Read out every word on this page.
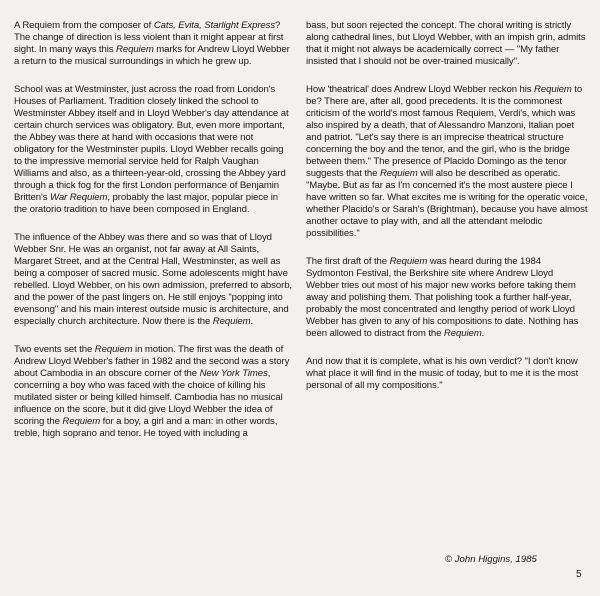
A Requiem from the composer of Cats, Evita, Starlight Express? The change of direction is less violent than it might appear at first sight. In many ways this Requiem marks for Andrew Lloyd Webber a return to the musical surroundings in which he grew up.

School was at Westminster, just across the road from London's Houses of Parliament. Tradition closely linked the school to Westminster Abbey itself and in Lloyd Webber's day attendance at certain church services was obligatory. But, even more important, the Abbey was there at hand with occasions that were not obligatory for the Westminster pupils. Lloyd Webber recalls going to the impressive memorial service held for Ralph Vaughan Williams and also, as a thirteen-year-old, crossing the Abbey yard through a thick fog for the first London performance of Benjamin Britten's War Requiem, probably the last major, popular piece in the oratorio tradition to have been composed in England.

The influence of the Abbey was there and so was that of Lloyd Webber Snr. He was an organist, not far away at All Saints, Margaret Street, and at the Central Hall, Westminster, as well as being a composer of sacred music. Some adolescents might have rebelled. Lloyd Webber, on his own admission, preferred to absorb, and the power of the past lingers on. He still enjoys "popping into evensong" and his main interest outside music is architecture, and especially church architecture. Now there is the Requiem.

Two events set the Requiem in motion. The first was the death of Andrew Lloyd Webber's father in 1982 and the second was a story about Cambodia in an obscure corner of the New York Times, concerning a boy who was faced with the choice of killing his mutilated sister or being killed himself. Cambodia has no musical influence on the score, but it did give Lloyd Webber the idea of scoring the Requiem for a boy, a girl and a man: in other words, treble, high soprano and tenor. He toyed with including a

bass, but soon rejected the concept. The choral writing is strictly along cathedral lines, but Lloyd Webber, with an impish grin, admits that it might not always be academically correct — "My father insisted that I should not be over-trained musically".

How 'theatrical' does Andrew Lloyd Webber reckon his Requiem to be? There are, after all, good precedents. It is the commonest criticism of the world's most famous Requiem, Verdi's, which was also inspired by a death, that of Alessandro Manzoni, Italian poet and patriot. "Let's say there is an imprecise theatrical structure concerning the boy and the tenor, and the girl, who is the bridge between them." The presence of Placido Domingo as the tenor suggests that the Requiem will also be described as operatic. "Maybe. But as far as I'm concerned it's the most austere piece I have written so far. What excites me is writing for the operatic voice, whether Placido's or Sarah's (Brightman), because you have almost another octave to play with, and all the attendant melodic possibilities."

The first draft of the Requiem was heard during the 1984 Sydmonton Festival, the Berkshire site where Andrew Lloyd Webber tries out most of his major new works before taking them away and polishing them. That polishing took a further half-year, probably the most concentrated and lengthy period of work Lloyd Webber has given to any of his compositions to date. Nothing has been allowed to distract from the Requiem.

And now that it is complete, what is his own verdict? "I don't know what place it will find in the music of today, but to me it is the most personal of all my compositions."

© John Higgins, 1985
5
